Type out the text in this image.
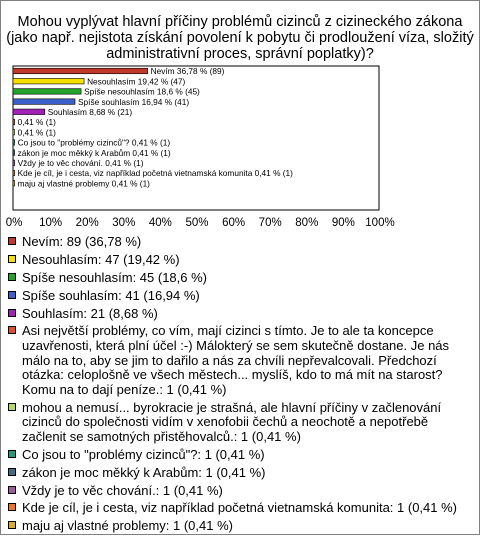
Mohou vyplývat hlavní příčiny problémů cizinců z cizineckého zákona (jako např. nejistota získání povolení k pobytu či prodloužení víza, složitý administrativní proces, správní poplatky)?
Nevím 36,78 % (89)
Nesouhlasím 19,42 % (47)
Spíše nesouhlasím 18,6 % (45)
Spíše souhlasím 16,94 % (41)
Souhlasím 8,68 % (21)
0,41 % (1)
0,41 % (1)
Co jsou to "problémy cizinců"? 0,41 % (1)
zákon je moc měkký k Arabům 0,41 % (1)
Vždy je to věc chování. 0,41 % (1)
Kde je cíl, je i cesta, viz například početná vietnamská komunita 0,41 % (1)
maju aj vlastné problemy 0,41 % (1)
0% 10% 20% 30% 40% 50% 60% 70% 80% 90% 100%
Nevím: 89 (36,78 %)
Nesouhlasím: 47 (19,42 %)
Spíše nesouhlasím: 45 (18,6 %)
Spíše souhlasím: 41 (16,94 %)
Souhlasím: 21 (8,68 %)
Asi největší problémy, co vím, mají cizinci s tímto. Je to ale ta koncepce uzavřenosti, která plní účel :-) Málokterý se sem skutečně dostane. Je nás málo na to, aby se jim to dařilo a nás za chvíli nepřevalcovali. Předchozí otázka: celoplošně ve všech městech... myslíš, kdo to má mít na starost? Komu na to dají peníze.: 1 (0,41 %)
mohou a nemusí... byrokracie je strašná, ale hlavní příčiny v začlenování cizinců do společnosti vidím v xenofobii čechů a neochotě a nepotřebě začlenit se samotných přistěhovalců.: 1 (0,41 %)
Co jsou to "problémy cizinců"?: 1 (0,41 %)
zákon je moc měkký k Arabům: 1 (0,41 %)
Vždy je to věc chování.: 1 (0,41 %)
Kde je cíl, je i cesta, viz například početná vietnamská komunita: 1 (0,41 %)
maju aj vlastné problemy: 1 (0,41 %)
